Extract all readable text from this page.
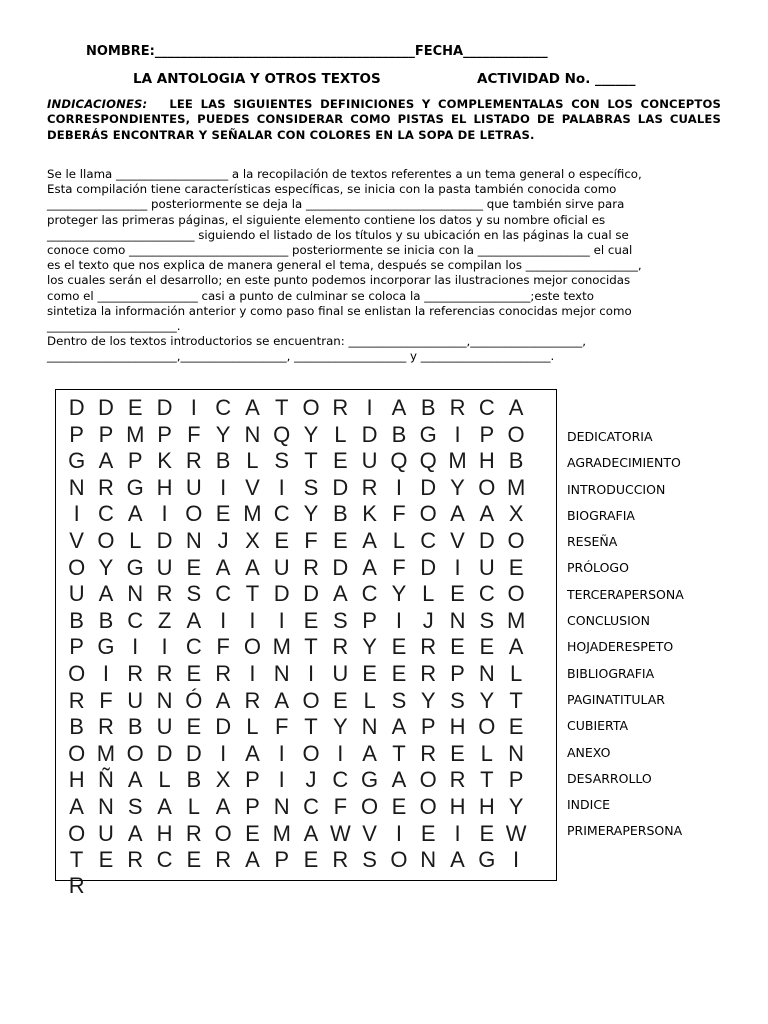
NOMBRE:________________________________________FECHA_____________
LA ANTOLOGIA Y OTROS TEXTOS	ACTIVIDAD No. ______
INDICACIONES: LEE LAS SIGUIENTES DEFINICIONES Y COMPLEMENTALAS CON LOS CONCEPTOS CORRESPONDIENTES, PUEDES CONSIDERAR COMO PISTAS EL LISTADO DE PALABRAS LAS CUALES DEBERÁS ENCONTRAR Y SEÑALAR CON COLORES EN LA SOPA DE LETRAS.

Se le llama ___________________ a la recopilación de textos referentes a un tema general o específico,

Esta compilación tiene características específicas, se inicia con la pasta también conocida como

_________________ posteriormente se deja la ______________________________ que también sirve para

proteger las primeras páginas, el siguiente elemento contiene los datos y su nombre oficial es

_________________________ siguiendo el listado de los títulos y su ubicación en las páginas la cual se

conoce como ___________________________ posteriormente se inicia con la ___________________ el cual

es el texto que nos explica de manera general el tema, después se compilan los ___________________,

los cuales serán el desarrollo; en este punto podemos incorporar las ilustraciones mejor conocidas

como el _________________ casi a punto de culminar se coloca la __________________;este texto

sintetiza la información anterior y como paso final se enlistan la referencias conocidas mejor como

______________________.

Dentro de los textos introductorios se encuentran: ____________________,___________________,

______________________,__________________, ___________________ y ______________________.

D D E D I C A T O R I A B R C A
P P M P F Y N Q Y L D B G I P O
G A P K R B L S T E U Q Q M H B
N R G H U I V I S D R I D Y O M
I C A I O E M C Y B K F O A A X
V O L D N J X E F E A L C V D O
O Y G U E A A U R D A F D I U E
U A N R S C T D D A C Y L E C O
B B C Z A I	I	I E S P I J N S M
P G I	I C F O M T R Y E R E E A
O I R R E R I N I U E E R P N L
R F U N Ó A R A O E L S Y S Y T
B R B U E D L F T Y N A P H O E
O M O D D I A I O I A T R E L N
H Ñ A L B X P I J C G A O R T P
A N S A L A P N C F O E O H H Y
O U A H R O E M A W V I E I E W
T E R C E R A P E R S O N A G I
R
DEDICATORIA
AGRADECIMIENTO
INTRODUCCION
BIOGRAFIA
RESEÑA
PRÓLOGO
TERCERAPERSONA
CONCLUSION
HOJADERESPETO
BIBLIOGRAFIA
PAGINATITULAR
CUBIERTA
ANEXO
DESARROLLO
INDICE
PRIMERAPERSONA
